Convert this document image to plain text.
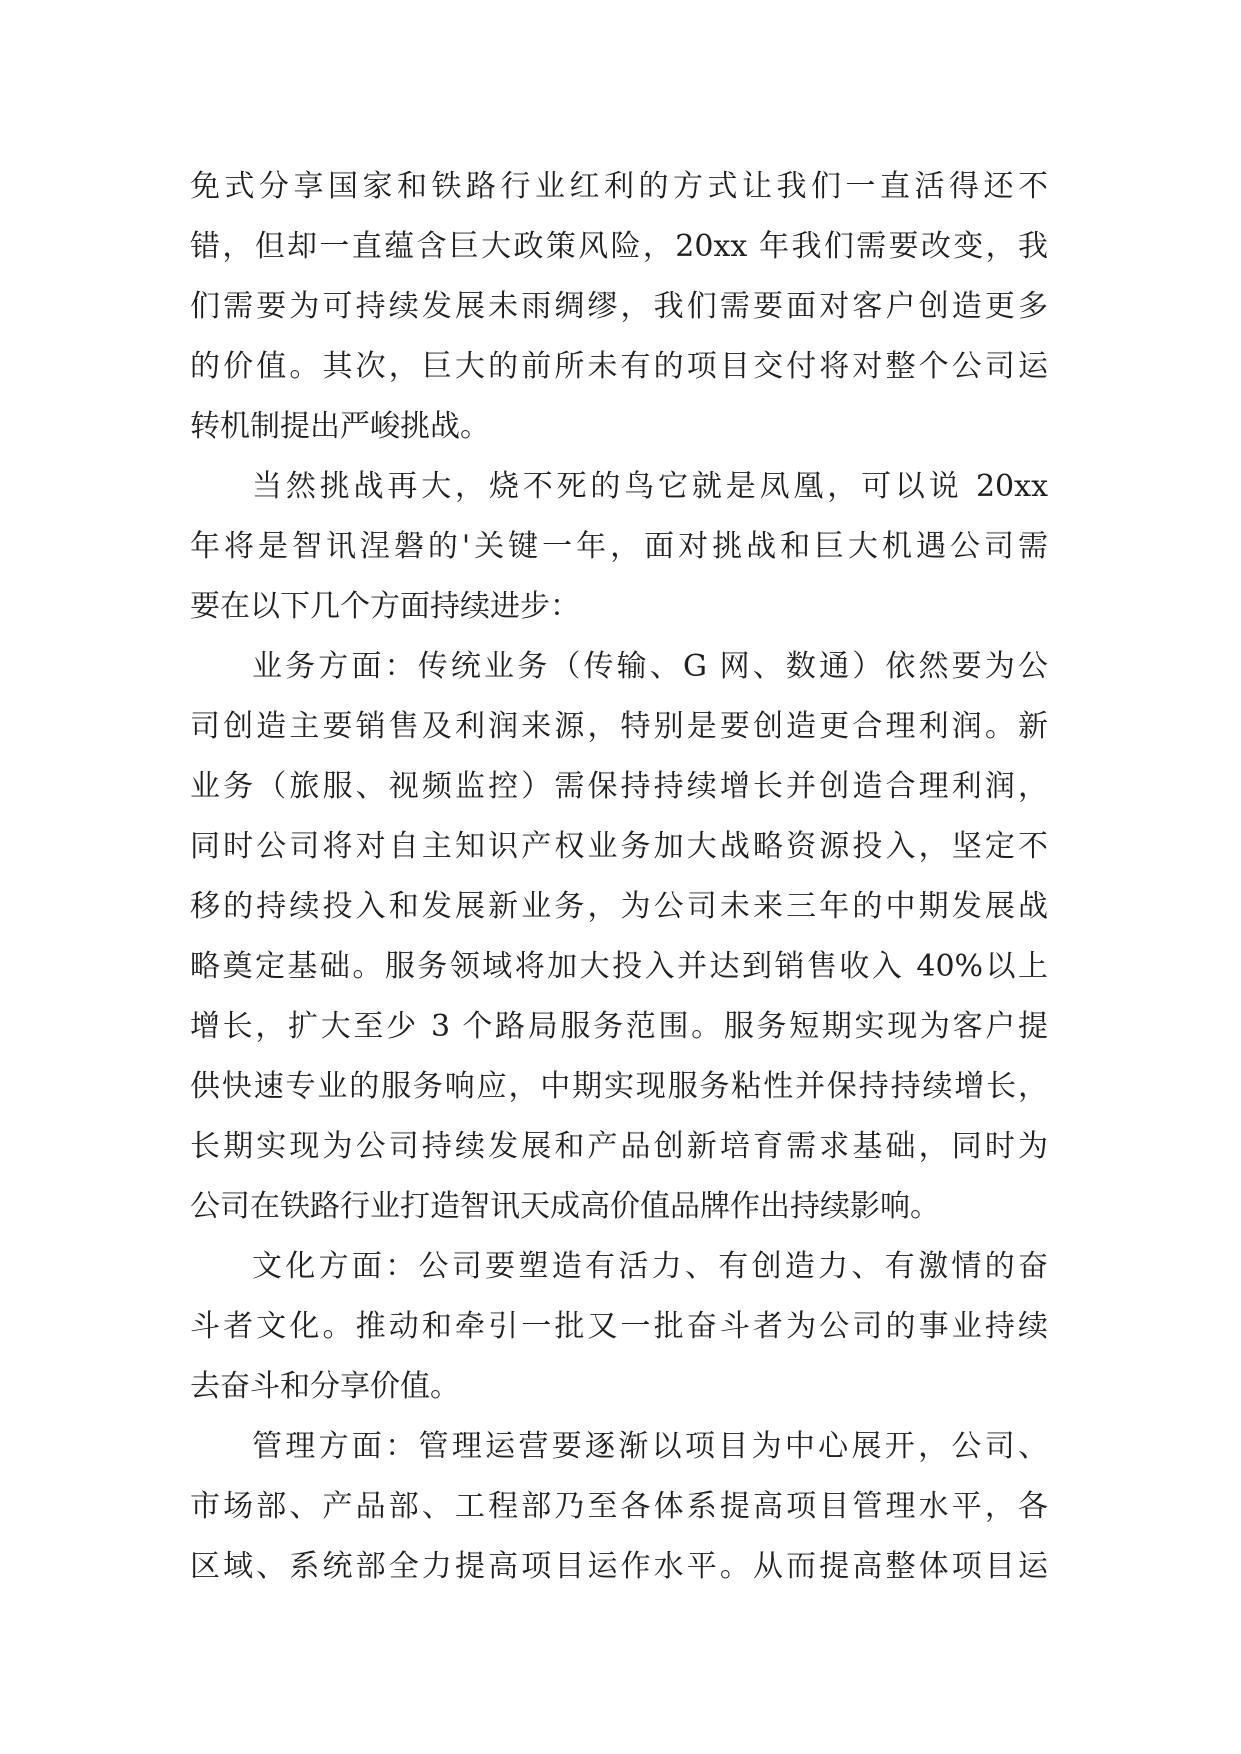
免式分享国家和铁路行业红利的方式让我们一直活得还不
错，但却一直蕴含巨大政策风险，20xx 年我们需要改变，我
们需要为可持续发展未雨绸缪，我们需要面对客户创造更多
的价值。其次，巨大的前所未有的项目交付将对整个公司运
转机制提出严峻挑战。
当然挑战再大，烧不死的鸟它就是凤凰，可以说 20xx
年将是智讯涅磐的'关键一年，面对挑战和巨大机遇公司需
要在以下几个方面持续进步：
业务方面：传统业务（传输、G 网、数通）依然要为公
司创造主要销售及利润来源，特别是要创造更合理利润。新
业务（旅服、视频监控）需保持持续增长并创造合理利润，
同时公司将对自主知识产权业务加大战略资源投入，坚定不
移的持续投入和发展新业务，为公司未来三年的中期发展战
略奠定基础。服务领域将加大投入并达到销售收入 40%以上
增长，扩大至少 3 个路局服务范围。服务短期实现为客户提
供快速专业的服务响应，中期实现服务粘性并保持持续增长，
长期实现为公司持续发展和产品创新培育需求基础，同时为
公司在铁路行业打造智讯天成高价值品牌作出持续影响。
文化方面：公司要塑造有活力、有创造力、有激情的奋
斗者文化。推动和牵引一批又一批奋斗者为公司的事业持续
去奋斗和分享价值。
管理方面：管理运营要逐渐以项目为中心展开，公司、
市场部、产品部、工程部乃至各体系提高项目管理水平，各
区域、系统部全力提高项目运作水平。从而提高整体项目运
